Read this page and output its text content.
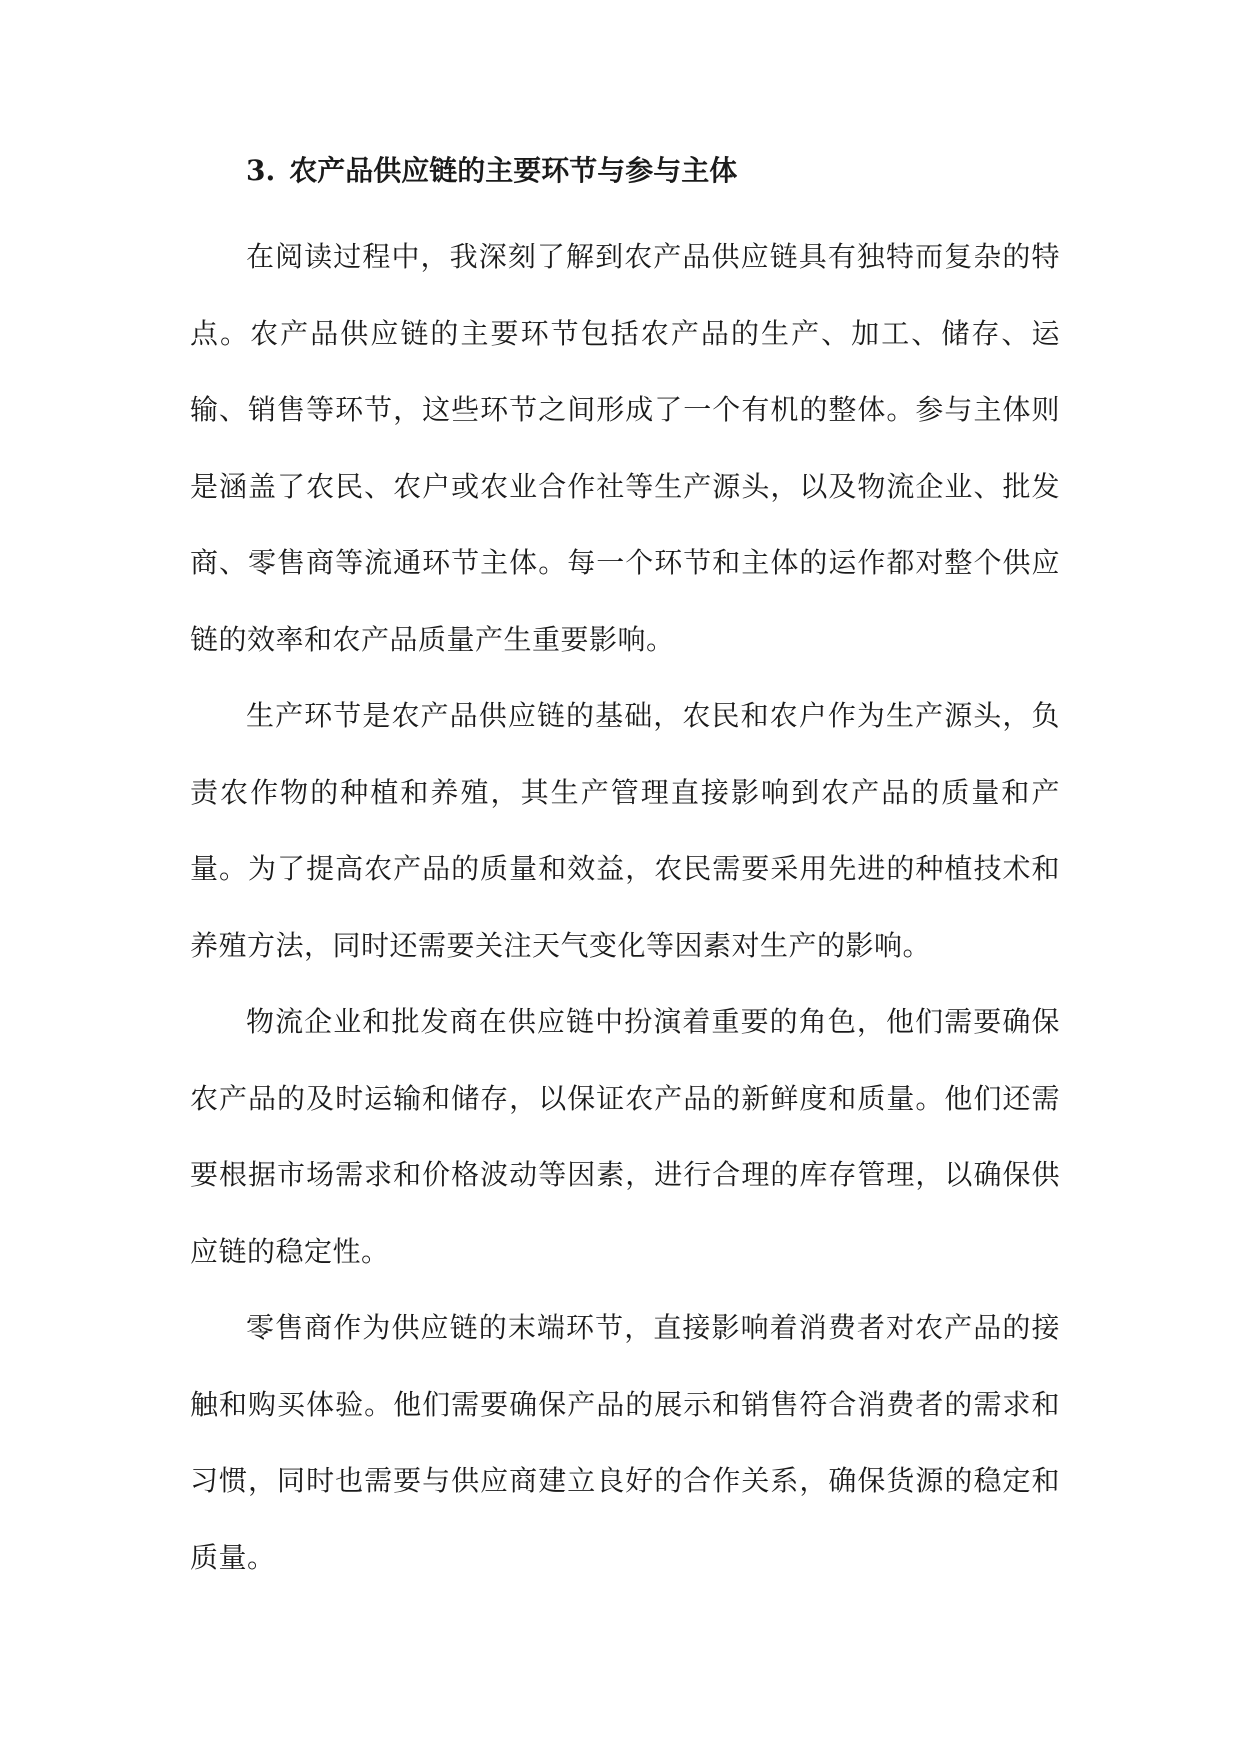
3. 农产品供应链的主要环节与参与主体

在阅读过程中，我深刻了解到农产品供应链具有独特而复杂的特点。农产品供应链的主要环节包括农产品的生产、加工、储存、运输、销售等环节，这些环节之间形成了一个有机的整体。参与主体则是涵盖了农民、农户或农业合作社等生产源头，以及物流企业、批发商、零售商等流通环节主体。每一个环节和主体的运作都对整个供应链的效率和农产品质量产生重要影响。

生产环节是农产品供应链的基础，农民和农户作为生产源头，负责农作物的种植和养殖，其生产管理直接影响到农产品的质量和产量。为了提高农产品的质量和效益，农民需要采用先进的种植技术和养殖方法，同时还需要关注天气变化等因素对生产的影响。

物流企业和批发商在供应链中扮演着重要的角色，他们需要确保农产品的及时运输和储存，以保证农产品的新鲜度和质量。他们还需要根据市场需求和价格波动等因素，进行合理的库存管理，以确保供应链的稳定性。

零售商作为供应链的末端环节，直接影响着消费者对农产品的接触和购买体验。他们需要确保产品的展示和销售符合消费者的需求和习惯，同时也需要与供应商建立良好的合作关系，确保货源的稳定和质量。
